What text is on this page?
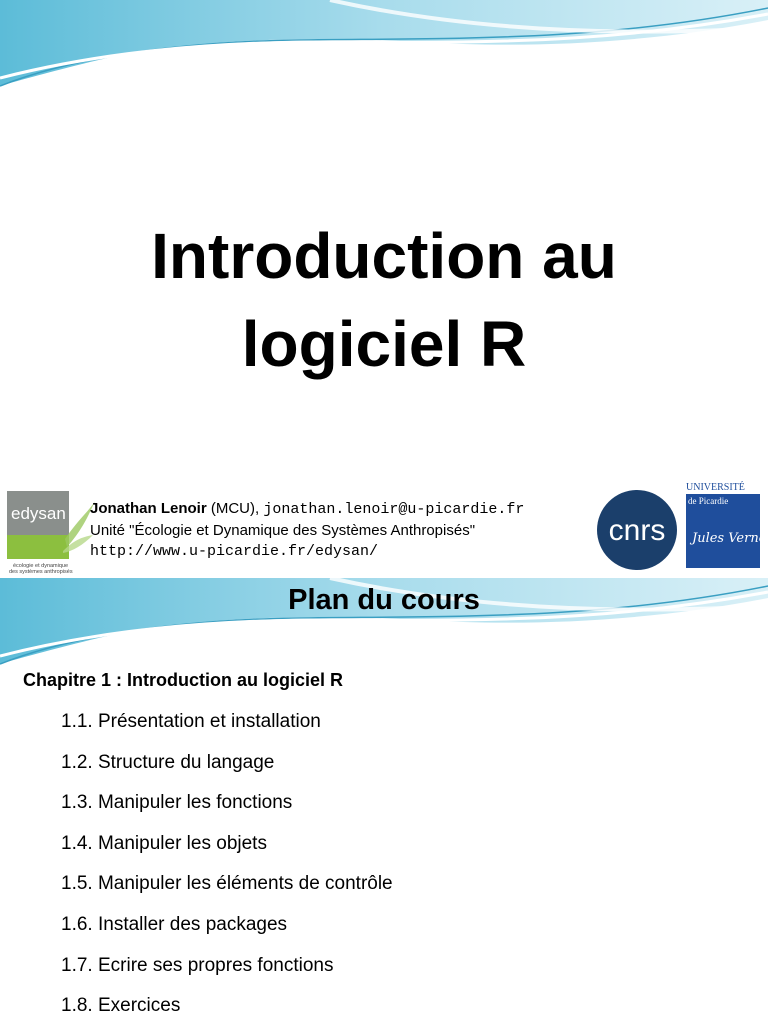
Introduction au
logiciel R
edysan
écologie et dynamique
des systèmes anthropisés
Jonathan Lenoir (MCU), jonathan.lenoir@u-picardie.fr
Unité "Écologie et Dynamique des Systèmes Anthropisés"
http://www.u-picardie.fr/edysan/
cnrs
UNIVERSITÉ
de Picardie
Jules Verne
Plan du cours
Chapitre 1 : Introduction au logiciel R
1.1. Présentation et installation
1.2. Structure du langage
1.3. Manipuler les fonctions
1.4. Manipuler les objets
1.5. Manipuler les éléments de contrôle
1.6. Installer des packages
1.7. Ecrire ses propres fonctions
1.8. Exercices
